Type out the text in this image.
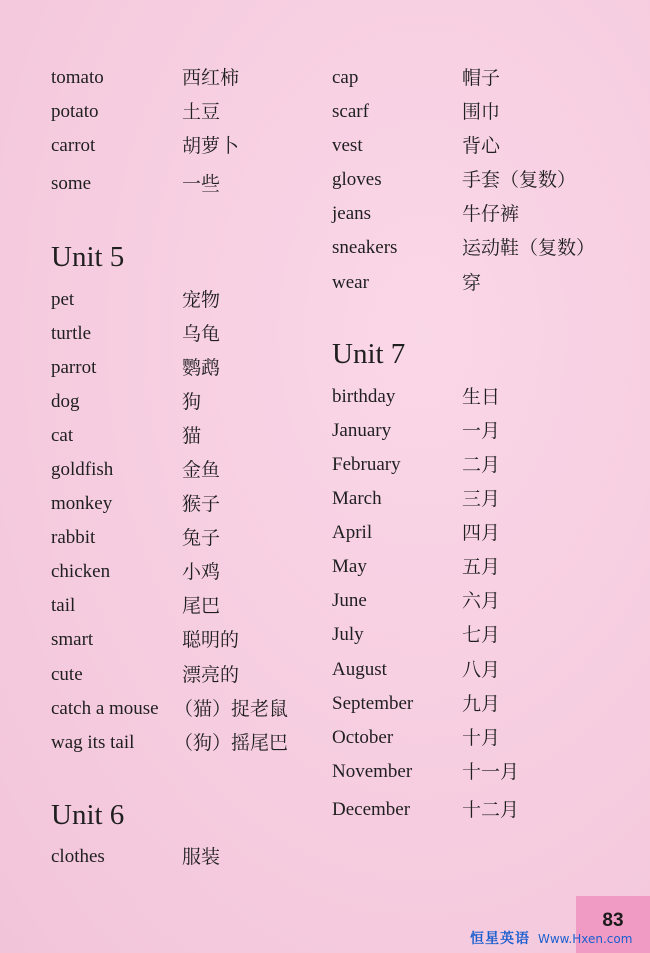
tomato	西红柿
potato	土豆
carrot	胡萝卜
some	一些
Unit 5
pet	宠物
turtle	乌龟
parrot	鹦鹉
dog	狗
cat	猫
goldfish	金鱼
monkey	猴子
rabbit	兔子
chicken	小鸡
tail	尾巴
smart	聪明的
cute	漂亮的
catch a mouse （猫）捉老鼠
wag its tail （狗）摇尾巴
Unit 6
clothes	服装
cap	帽子
scarf	围巾
vest	背心
gloves	手套（复数）
jeans	牛仔裤
sneakers	运动鞋（复数）
wear	穿
Unit 7
birthday	生日
January	一月
February	二月
March	三月
April	四月
May	五月
June	六月
July	七月
August	八月
September	九月
October	十月
November	十一月
December	十二月
83
恒星英语 Www.Hxen.com
